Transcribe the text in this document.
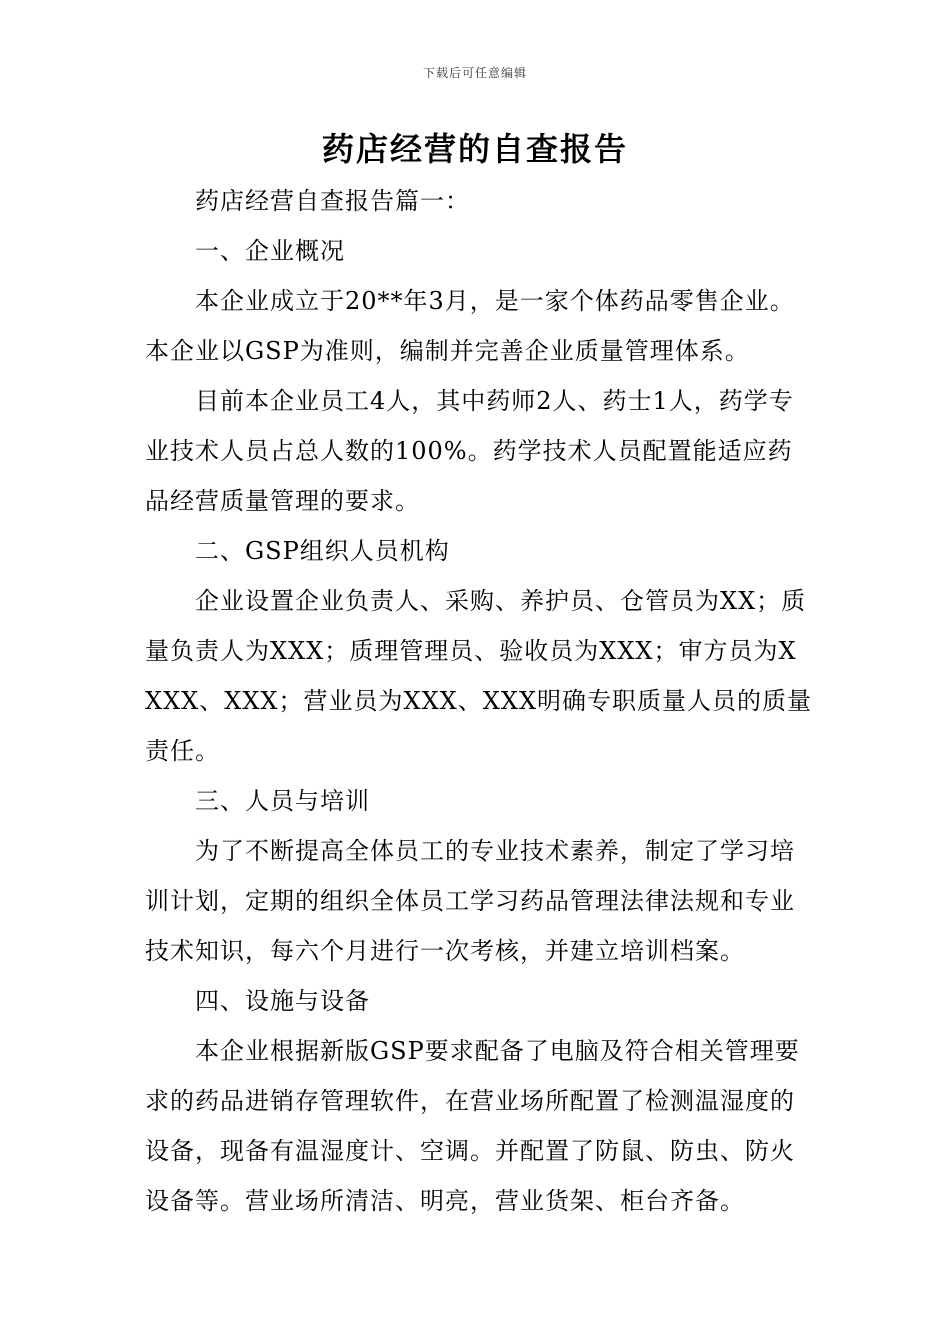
下载后可任意编辑
药店经营的自查报告

药店经营自查报告篇一：

一、企业概况

本企业成立于20**年3月，是一家个体药品零售企业。本企业以GSP为准则，编制并完善企业质量管理体系。

目前本企业员工4人，其中药师2人、药士1人，药学专业技术人员占总人数的100%。药学技术人员配置能适应药品经营质量管理的要求。

二、GSP组织人员机构

企业设置企业负责人、采购、养护员、仓管员为XX；质量负责人为XXX；质理管理员、验收员为XXX；审方员为XXXX、XXX；营业员为XXX、XXX明确专职质量人员的质量责任。

三、人员与培训

为了不断提高全体员工的专业技术素养，制定了学习培训计划，定期的组织全体员工学习药品管理法律法规和专业技术知识，每六个月进行一次考核，并建立培训档案。

四、设施与设备

本企业根据新版GSP要求配备了电脑及符合相关管理要求的药品进销存管理软件，在营业场所配置了检测温湿度的设备，现备有温湿度计、空调。并配置了防鼠、防虫、防火设备等。营业场所清洁、明亮，营业货架、柜台齐备。
